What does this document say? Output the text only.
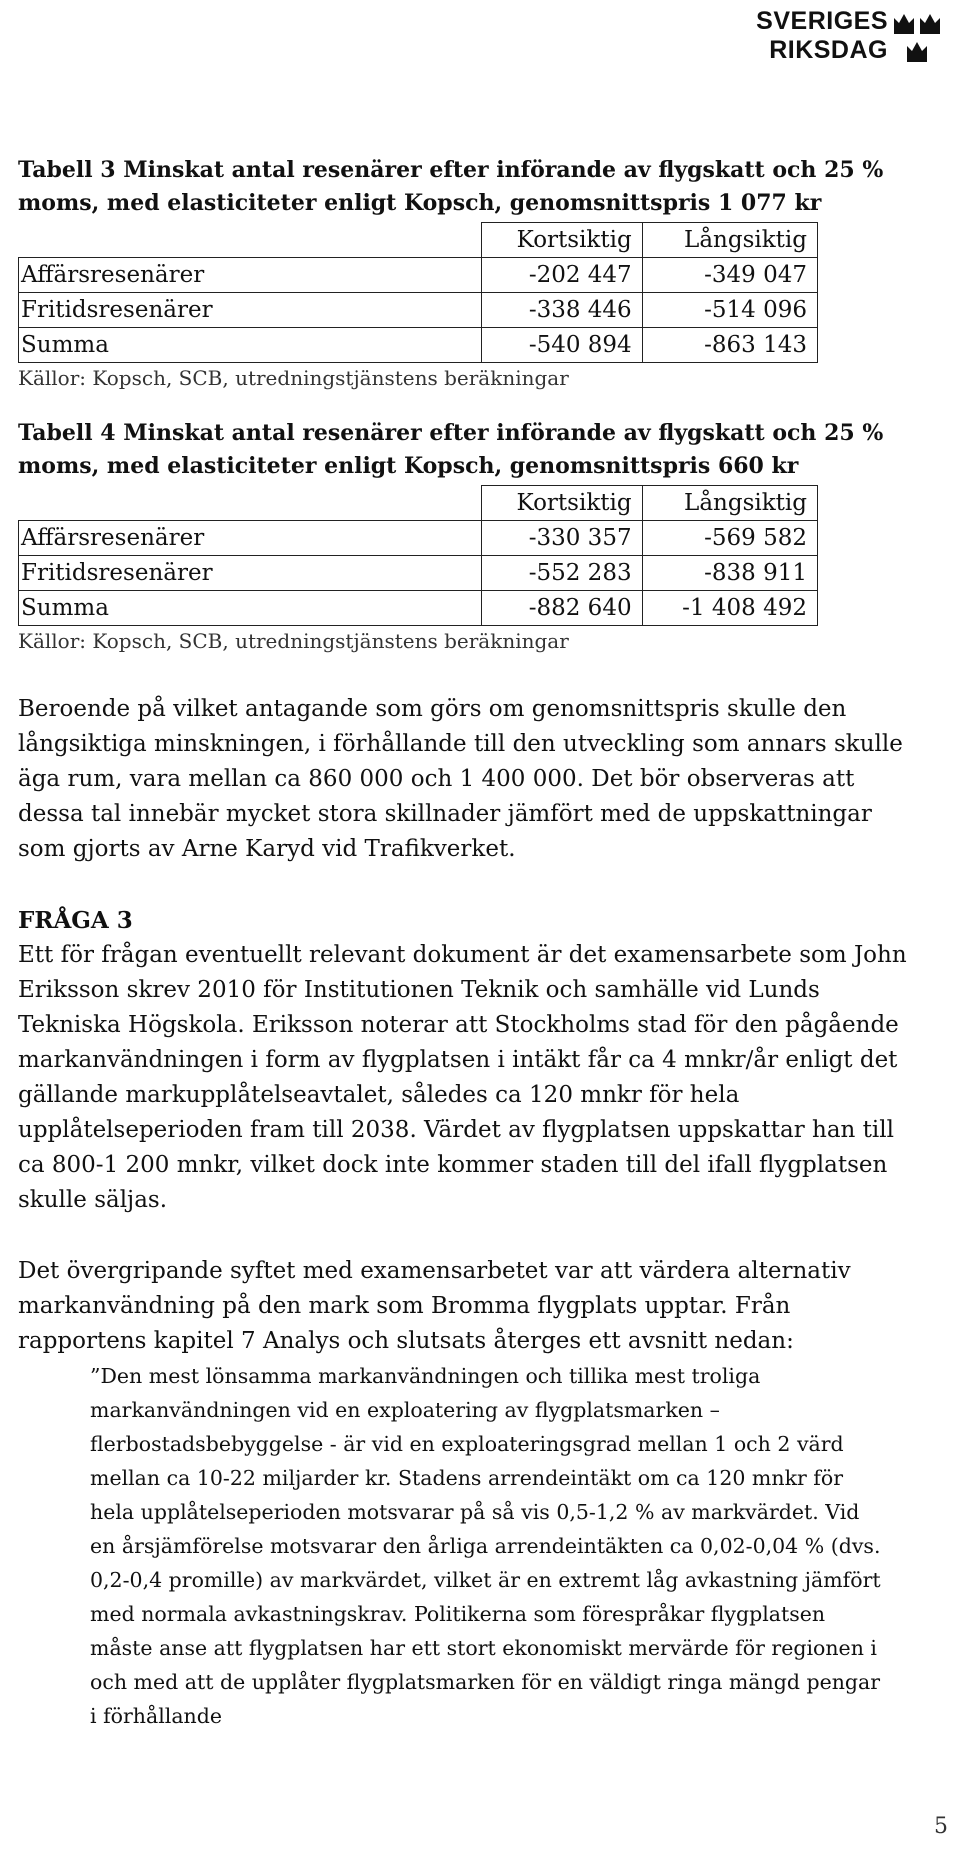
SVERIGES
RIKSDAG

Tabell 3 Minskat antal resenärer efter införande av flygskatt och 25 % moms, med elasticiteter enligt Kopsch, genomsnittspris 1 077 kr

	Kortsiktig	Långsiktig
Affärsresenärer	-202 447	-349 047
Fritidsresenärer	-338 446	-514 096
Summa	-540 894	-863 143

Källor: Kopsch, SCB, utredningstjänstens beräkningar

Tabell 4 Minskat antal resenärer efter införande av flygskatt och 25 % moms, med elasticiteter enligt Kopsch, genomsnittspris 660 kr

	Kortsiktig	Långsiktig
Affärsresenärer	-330 357	-569 582
Fritidsresenärer	-552 283	-838 911
Summa	-882 640	-1 408 492

Källor: Kopsch, SCB, utredningstjänstens beräkningar

Beroende på vilket antagande som görs om genomsnittspris skulle den långsiktiga minskningen, i förhållande till den utveckling som annars skulle äga rum, vara mellan ca 860 000 och 1 400 000. Det bör observeras att dessa tal innebär mycket stora skillnader jämfört med de uppskattningar som gjorts av Arne Karyd vid Trafikverket.

FRÅGA 3

Ett för frågan eventuellt relevant dokument är det examensarbete som John Eriksson skrev 2010 för Institutionen Teknik och samhälle vid Lunds Tekniska Högskola. Eriksson noterar att Stockholms stad för den pågående markanvändningen i form av flygplatsen i intäkt får ca 4 mnkr/år enligt det gällande markupplåtelseavtalet, således ca 120 mnkr för hela upplåtelseperioden fram till 2038. Värdet av flygplatsen uppskattar han till ca 800-1 200 mnkr, vilket dock inte kommer staden till del ifall flygplatsen skulle säljas.

Det övergripande syftet med examensarbetet var att värdera alternativ markanvändning på den mark som Bromma flygplats upptar. Från rapportens kapitel 7 Analys och slutsats återges ett avsnitt nedan:

”Den mest lönsamma markanvändningen och tillika mest troliga markanvändningen vid en exploatering av flygplatsmarken – flerbostadsbebyggelse - är vid en exploateringsgrad mellan 1 och 2 värd mellan ca 10-22 miljarder kr. Stadens arrendeintäkt om ca 120 mnkr för hela upplåtelseperioden motsvarar på så vis 0,5-1,2 % av markvärdet. Vid en årsjämförelse motsvarar den årliga arrendeintäkten ca 0,02-0,04 % (dvs. 0,2-0,4 promille) av markvärdet, vilket är en extremt låg avkastning jämfört med normala avkastningskrav. Politikerna som förespråkar flygplatsen måste anse att flygplatsen har ett stort ekonomiskt mervärde för regionen i och med att de upplåter flygplatsmarken för en väldigt ringa mängd pengar i förhållande

5
